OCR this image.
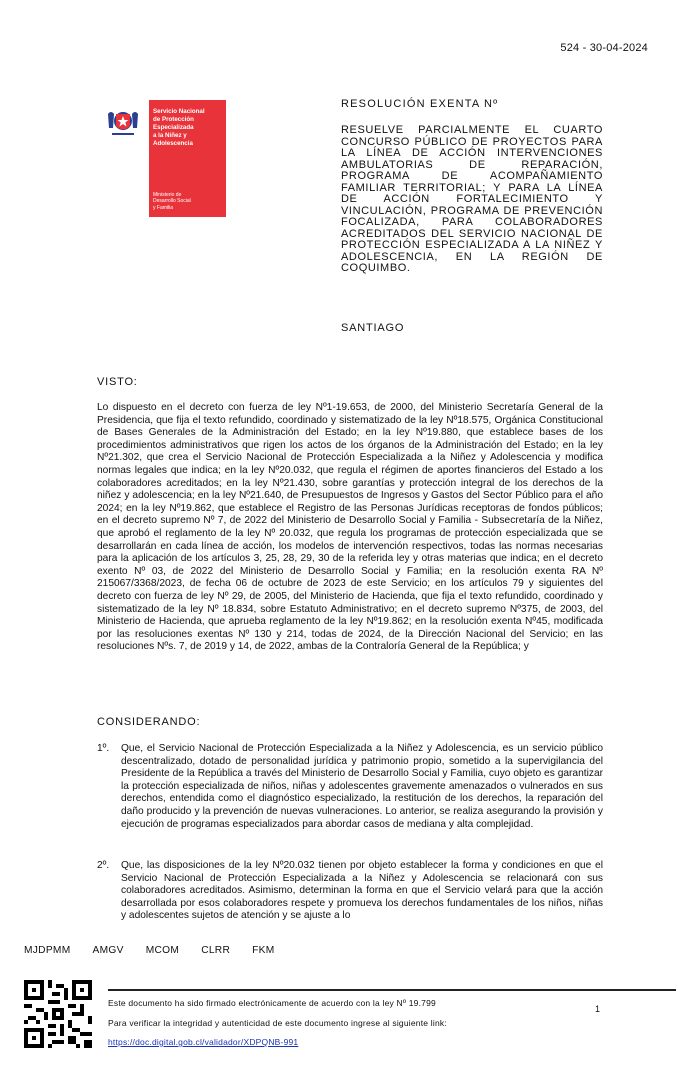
524 - 30-04-2024
Servicio Nacional
de Protección
Especializada
a la Niñez y
Adolescencia
Ministerio de
Desarrollo Social
y Familia
RESOLUCIÓN EXENTA Nº
RESUELVE PARCIALMENTE EL CUARTO CONCURSO PÚBLICO DE PROYECTOS PARA LA LÍNEA DE ACCIÓN INTERVENCIONES AMBULATORIAS DE REPARACIÓN, PROGRAMA DE ACOMPAÑAMIENTO FAMILIAR TERRITORIAL; Y PARA LA LÍNEA DE ACCIÓN FORTALECIMIENTO Y VINCULACIÓN, PROGRAMA DE PREVENCIÓN FOCALIZADA, PARA COLABORADORES ACREDITADOS DEL SERVICIO NACIONAL DE PROTECCIÓN ESPECIALIZADA A LA NIÑEZ Y ADOLESCENCIA, EN LA REGIÓN DE COQUIMBO.
SANTIAGO
VISTO:
Lo dispuesto en el decreto con fuerza de ley Nº1-19.653, de 2000, del Ministerio Secretaría General de la Presidencia, que fija el texto refundido, coordinado y sistematizado de la ley Nº18.575, Orgánica Constitucional de Bases Generales de la Administración del Estado; en la ley Nº19.880, que establece bases de los procedimientos administrativos que rigen los actos de los órganos de la Administración del Estado; en la ley Nº21.302, que crea el Servicio Nacional de Protección Especializada a la Niñez y Adolescencia y modifica normas legales que indica; en la ley Nº20.032, que regula el régimen de aportes financieros del Estado a los colaboradores acreditados; en la ley Nº21.430, sobre garantías y protección integral de los derechos de la niñez y adolescencia; en la ley Nº21.640, de Presupuestos de Ingresos y Gastos del Sector Público para el año 2024; en la ley Nº19.862, que establece el Registro de las Personas Jurídicas receptoras de fondos públicos; en el decreto supremo Nº 7, de 2022 del Ministerio de Desarrollo Social y Familia - Subsecretaría de la Niñez, que aprobó el reglamento de la ley Nº 20.032, que regula los programas de protección especializada que se desarrollarán en cada línea de acción, los modelos de intervención respectivos, todas las normas necesarias para la aplicación de los artículos 3, 25, 28, 29, 30 de la referida ley y otras materias que indica; en el decreto exento Nº 03, de 2022 del Ministerio de Desarrollo Social y Familia; en la resolución exenta RA Nº 215067/3368/2023, de fecha 06 de octubre de 2023 de este Servicio; en los artículos 79 y siguientes del decreto con fuerza de ley Nº 29, de 2005, del Ministerio de Hacienda, que fija el texto refundido, coordinado y sistematizado de la ley Nº 18.834, sobre Estatuto Administrativo; en el decreto supremo Nº375, de 2003, del Ministerio de Hacienda, que aprueba reglamento de la ley Nº19.862; en la resolución exenta Nº45, modificada por las resoluciones exentas Nº 130 y 214, todas de 2024, de la Dirección Nacional del Servicio; en las resoluciones Nºs. 7, de 2019 y 14, de 2022, ambas de la Contraloría General de la República; y
CONSIDERANDO:
1º.	Que, el Servicio Nacional de Protección Especializada a la Niñez y Adolescencia, es un servicio público descentralizado, dotado de personalidad jurídica y patrimonio propio, sometido a la supervigilancia del Presidente de la República a través del Ministerio de Desarrollo Social y Familia, cuyo objeto es garantizar la protección especializada de niños, niñas y adolescentes gravemente amenazados o vulnerados en sus derechos, entendida como el diagnóstico especializado, la restitución de los derechos, la reparación del daño producido y la prevención de nuevas vulneraciones. Lo anterior, se realiza asegurando la provisión y ejecución de programas especializados para abordar casos de mediana y alta complejidad.
2º.	Que, las disposiciones de la ley Nº20.032 tienen por objeto establecer la forma y condiciones en que el Servicio Nacional de Protección Especializada a la Niñez y Adolescencia se relacionará con sus colaboradores acreditados. Asimismo, determinan la forma en que el Servicio velará para que la acción desarrollada por esos colaboradores respete y promueva los derechos fundamentales de los niños, niñas y adolescentes sujetos de atención y se ajuste a lo
MJDPMM AMGV MCOM CLRR FKM
Este documento ha sido firmado electrónicamente de acuerdo con la ley Nº 19.799
Para verificar la integridad y autenticidad de este documento ingrese al siguiente link:
https://doc.digital.gob.cl/validador/XDPQNB-991
1
